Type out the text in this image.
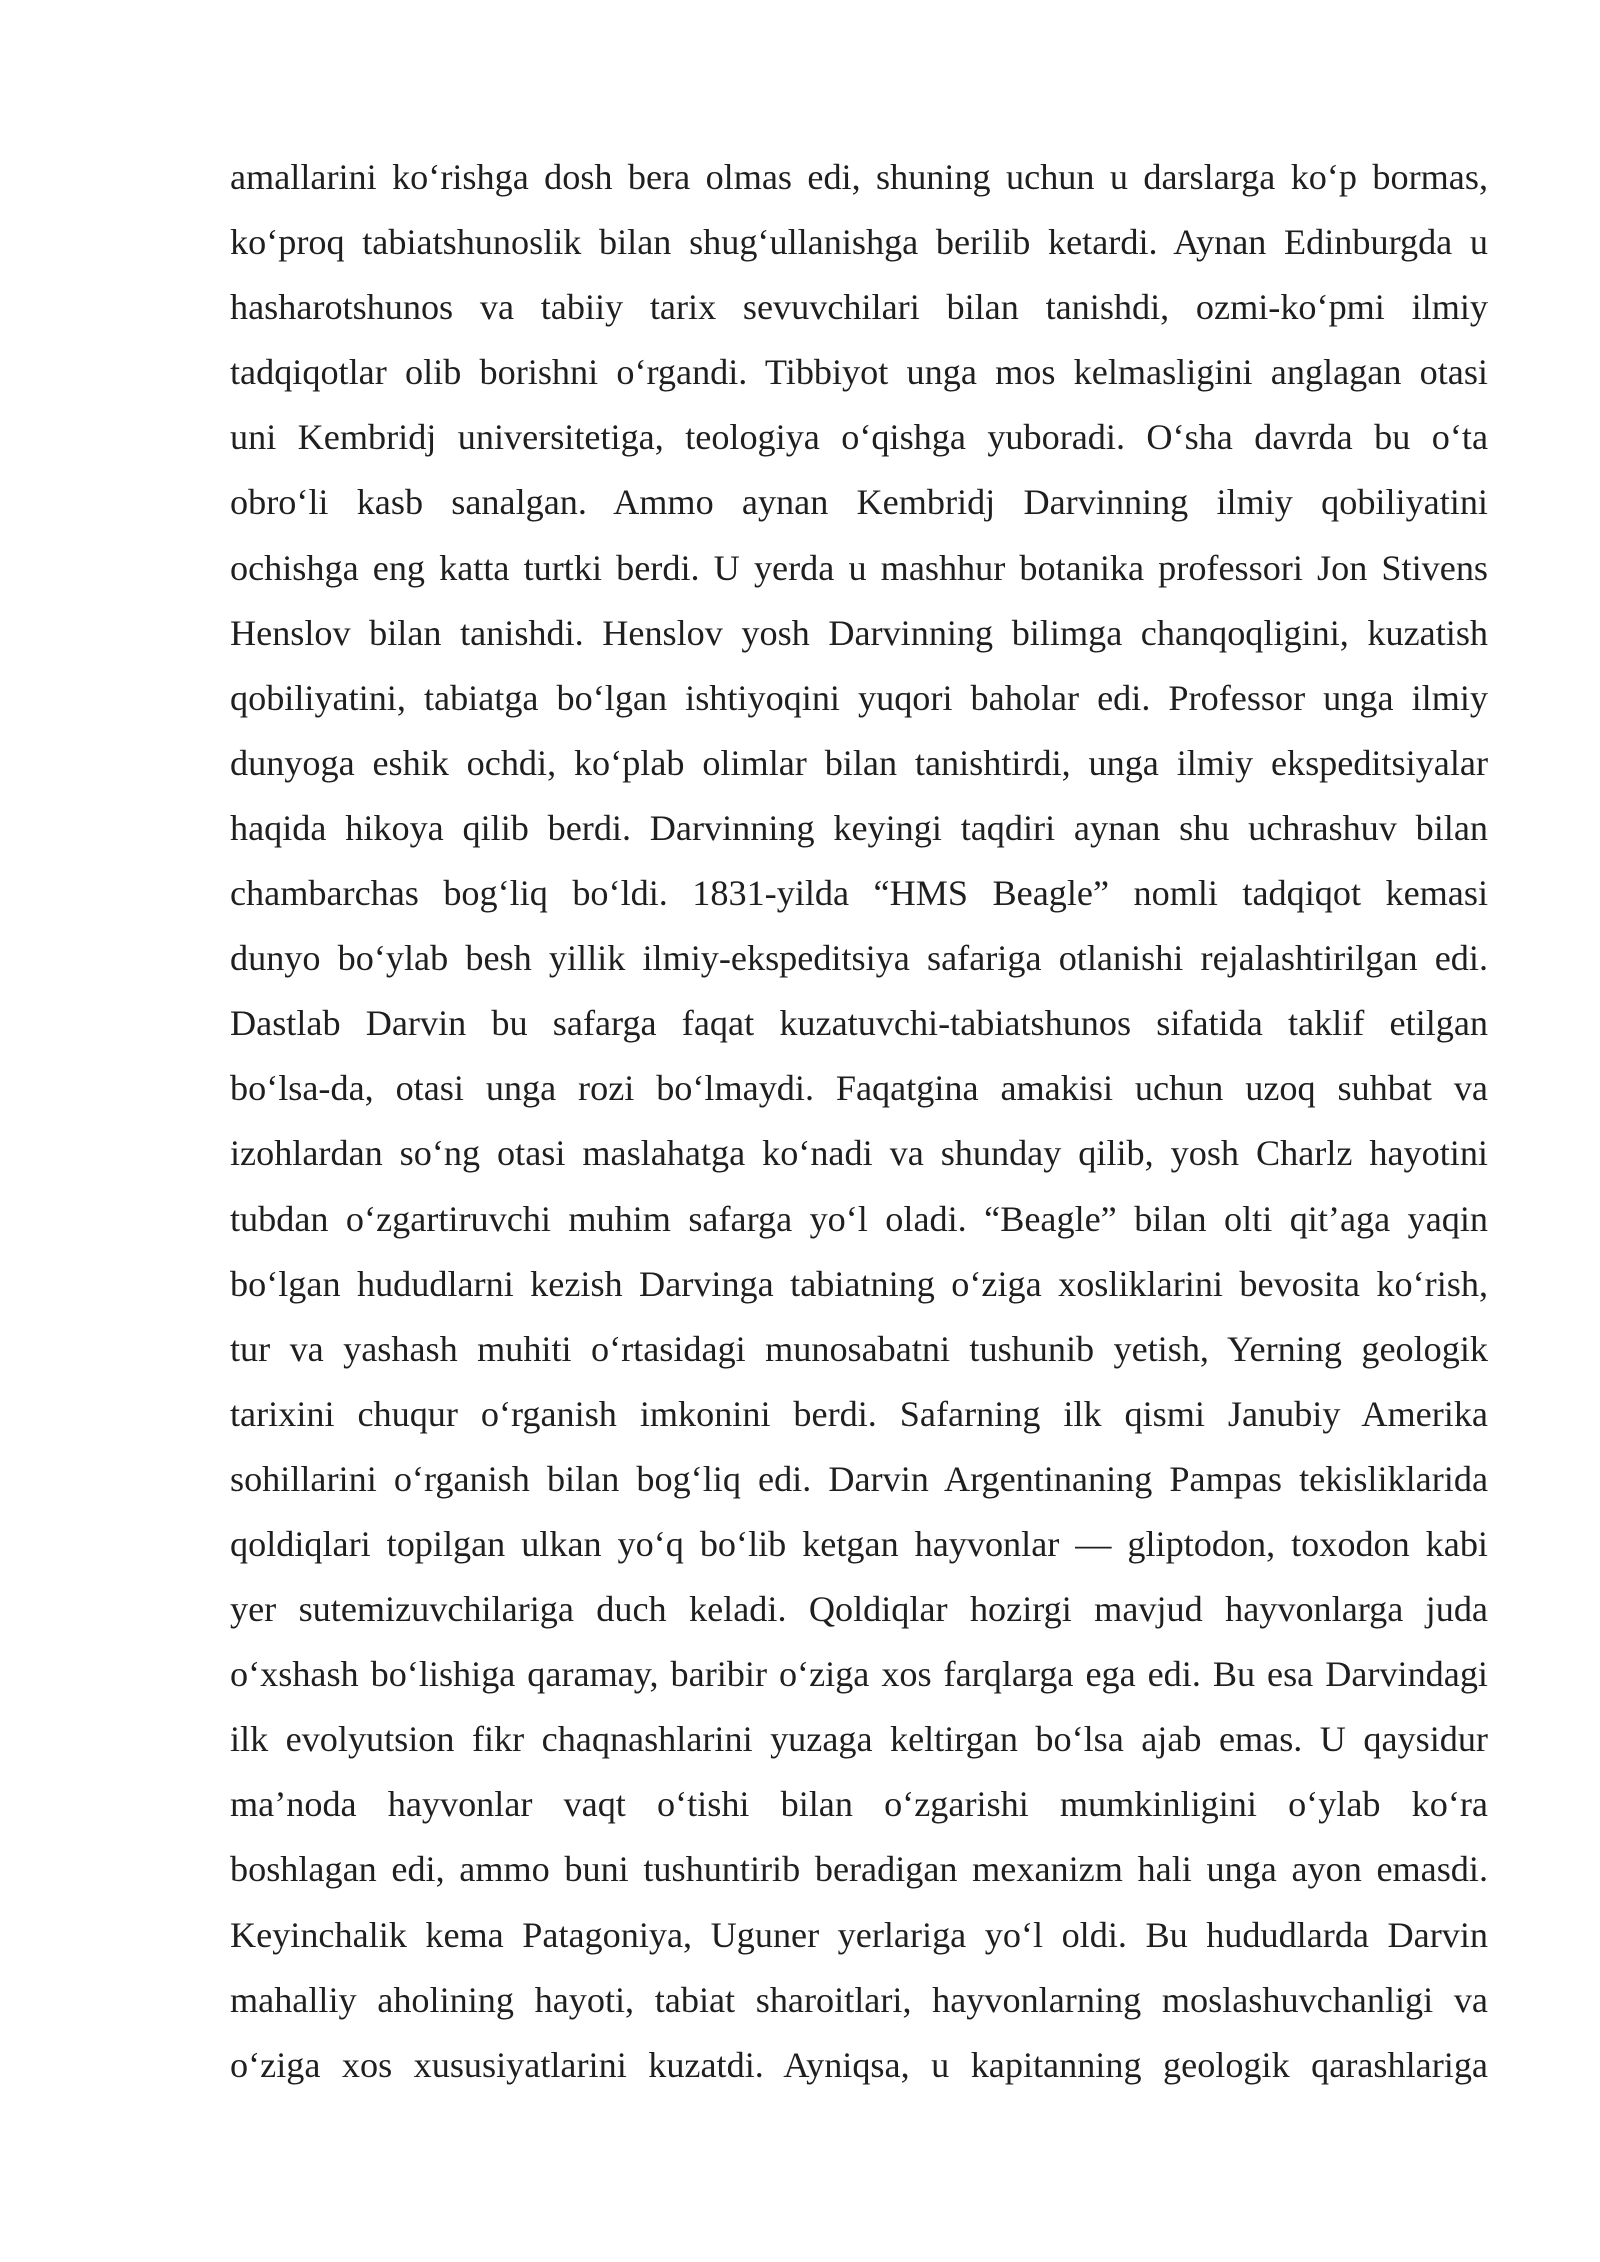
amallarini ko‘rishga dosh bera olmas edi, shuning uchun u darslarga ko‘p bormas,
ko‘proq tabiatshunoslik bilan shug‘ullanishga berilib ketardi. Aynan Edinburgda u
hasharotshunos va tabiiy tarix sevuvchilari bilan tanishdi, ozmi-ko‘pmi ilmiy
tadqiqotlar olib borishni o‘rgandi. Tibbiyot unga mos kelmasligini anglagan otasi
uni Kembridj universitetiga, teologiya o‘qishga yuboradi. O‘sha davrda bu o‘ta
obro‘li kasb sanalgan. Ammo aynan Kembridj Darvinning ilmiy qobiliyatini
ochishga eng katta turtki berdi. U yerda u mashhur botanika professori Jon Stivens
Henslov bilan tanishdi. Henslov yosh Darvinning bilimga chanqoqligini, kuzatish
qobiliyatini, tabiatga bo‘lgan ishtiyoqini yuqori baholar edi. Professor unga ilmiy
dunyoga eshik ochdi, ko‘plab olimlar bilan tanishtirdi, unga ilmiy ekspeditsiyalar
haqida hikoya qilib berdi. Darvinning keyingi taqdiri aynan shu uchrashuv bilan
chambarchas bog‘liq bo‘ldi. 1831-yilda “HMS Beagle” nomli tadqiqot kemasi
dunyo bo‘ylab besh yillik ilmiy-ekspeditsiya safariga otlanishi rejalashtirilgan edi.
Dastlab Darvin bu safarga faqat kuzatuvchi-tabiatshunos sifatida taklif etilgan
bo‘lsa-da, otasi unga rozi bo‘lmaydi. Faqatgina amakisi uchun uzoq suhbat va
izohlardan so‘ng otasi maslahatga ko‘nadi va shunday qilib, yosh Charlz hayotini
tubdan o‘zgartiruvchi muhim safarga yo‘l oladi. “Beagle” bilan olti qit’aga yaqin
bo‘lgan hududlarni kezish Darvinga tabiatning o‘ziga xosliklarini bevosita ko‘rish,
tur va yashash muhiti o‘rtasidagi munosabatni tushunib yetish, Yerning geologik
tarixini chuqur o‘rganish imkonini berdi. Safarning ilk qismi Janubiy Amerika
sohillarini o‘rganish bilan bog‘liq edi. Darvin Argentinaning Pampas tekisliklarida
qoldiqlari topilgan ulkan yo‘q bo‘lib ketgan hayvonlar — gliptodon, toxodon kabi
yer sutemizuvchilariga duch keladi. Qoldiqlar hozirgi mavjud hayvonlarga juda
o‘xshash bo‘lishiga qaramay, baribir o‘ziga xos farqlarga ega edi. Bu esa Darvindagi
ilk evolyutsion fikr chaqnashlarini yuzaga keltirgan bo‘lsa ajab emas. U qaysidur
ma’noda hayvonlar vaqt o‘tishi bilan o‘zgarishi mumkinligini o‘ylab ko‘ra
boshlagan edi, ammo buni tushuntirib beradigan mexanizm hali unga ayon emasdi.
Keyinchalik kema Patagoniya, Uguner yerlariga yo‘l oldi. Bu hududlarda Darvin
mahalliy aholining hayoti, tabiat sharoitlari, hayvonlarning moslashuvchanligi va
o‘ziga xos xususiyatlarini kuzatdi. Ayniqsa, u kapitanning geologik qarashlariga
